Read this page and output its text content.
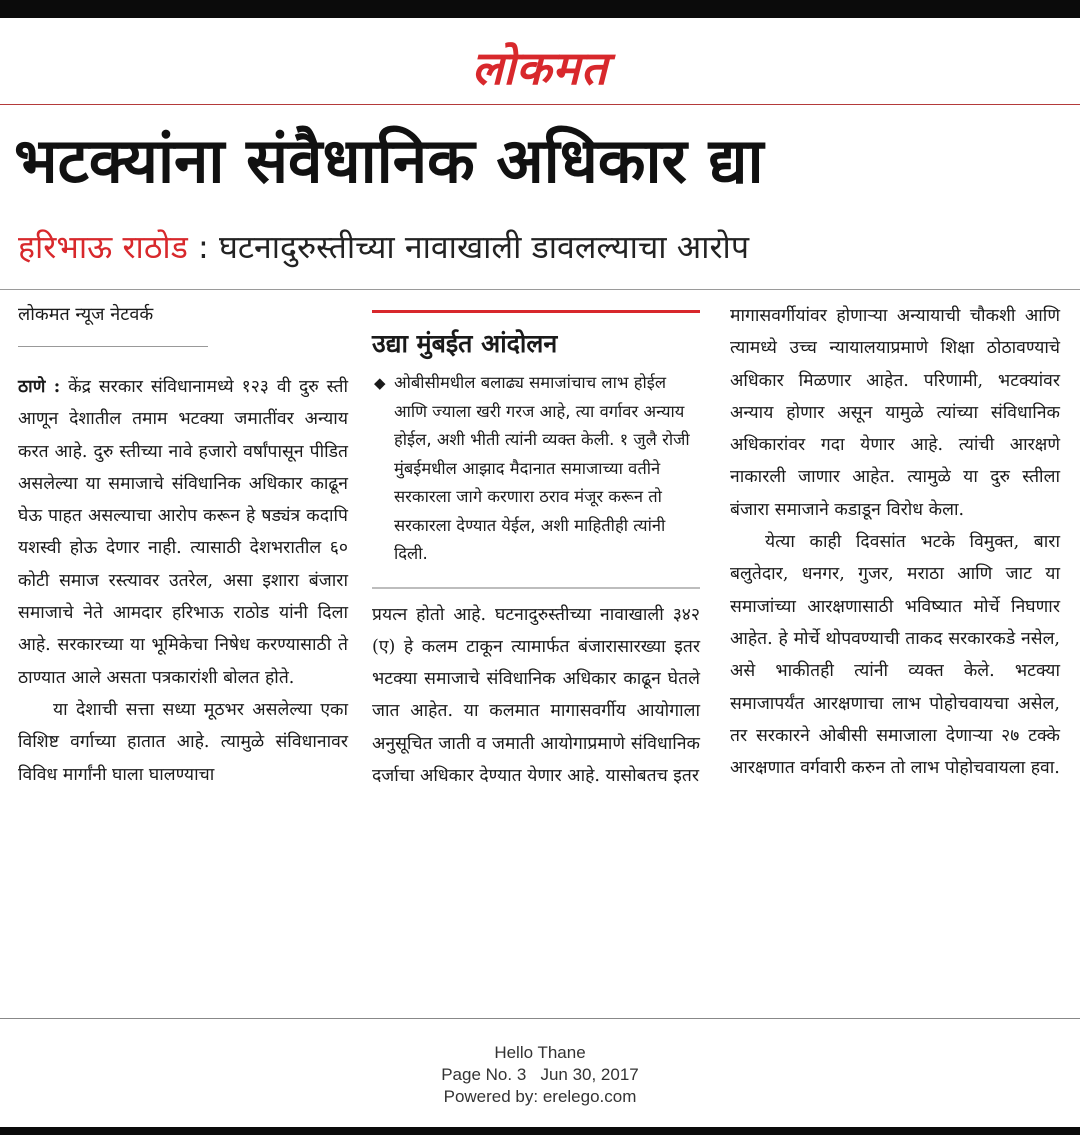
लोकमत
भटक्यांना संवैधानिक अधिकार द्या
हरिभाऊ राठोड : घटनादुरुस्तीच्या नावाखाली डावलल्याचा आरोप
लोकमत न्यूज नेटवर्क

ठाणे : केंद्र सरकार संविधानामध्ये १२३ वी दुरु स्ती आणून देशातील तमाम भटक्या जमातींवर अन्याय करत आहे. दुरु स्तीच्या नावे हजारो वर्षांपासून पीडित असलेल्या या समाजाचे संविधानिक अधिकार काढून घेऊ पाहत असल्याचा आरोप करून हे षड्यंत्र कदापि यशस्वी होऊ देणार नाही. त्यासाठी देशभरातील ६० कोटी समाज रस्त्यावर उतरेल, असा इशारा बंजारा समाजाचे नेते आमदार हरिभाऊ राठोड यांनी दिला आहे. सरकारच्या या भूमिकेचा निषेध करण्यासाठी ते ठाण्यात आले असता पत्रकारांशी बोलत होते.

या देशाची सत्ता सध्या मूठभर असलेल्या एका विशिष्ट वर्गाच्या हातात आहे. त्यामुळे संविधानावर विविध मार्गांनी घाला घालण्याचा

उद्या मुंबईत आंदोलन
◆ ओबीसीमधील बलाढ्य समाजांचाच लाभ होईल आणि ज्याला खरी गरज आहे, त्या वर्गावर अन्याय होईल, अशी भीती त्यांनी व्यक्त केली. १ जुलै रोजी मुंबईमधील आझाद मैदानात समाजाच्या वतीने सरकारला जागे करणारा ठराव मंजूर करून तो सरकारला देण्यात येईल, अशी माहितीही त्यांनी दिली.

प्रयत्न होतो आहे. घटनादुरुस्तीच्या नावाखाली ३४२ (ए) हे कलम टाकून त्यामार्फत बंजारासारख्या इतर भटक्या समाजाचे संविधानिक अधिकार काढून घेतले जात आहेत. या कलमात मागासवर्गीय आयोगाला अनुसूचित जाती व जमाती आयोगाप्रमाणे संविधानिक दर्जाचा अधिकार देण्यात येणार आहे. यासोबतच इतर

मागासवर्गीयांवर होणाऱ्या अन्यायाची चौकशी आणि त्यामध्ये उच्च न्यायालयाप्रमाणे शिक्षा ठोठावण्याचे अधिकार मिळणार आहेत. परिणामी, भटक्यांवर अन्याय होणार असून यामुळे त्यांच्या संविधानिक अधिकारांवर गदा येणार आहे. त्यांची आरक्षणे नाकारली जाणार आहेत. त्यामुळे या दुरु स्तीला बंजारा समाजाने कडाडून विरोध केला.

येत्या काही दिवसांत भटके विमुक्त, बारा बलुतेदार, धनगर, गुजर, मराठा आणि जाट या समाजांच्या आरक्षणासाठी भविष्यात मोर्चे निघणार आहेत. हे मोर्चे थोपवण्याची ताकद सरकारकडे नसेल, असे भाकीतही त्यांनी व्यक्त केले. भटक्या समाजापर्यंत आरक्षणाचा लाभ पोहोचवायचा असेल, तर सरकारने ओबीसी समाजाला देणाऱ्या २७ टक्के आरक्षणात वर्गवारी करुन तो लाभ पोहोचवायला हवा.

Hello Thane
Page No. 3   Jun 30, 2017
Powered by: erelego.com
